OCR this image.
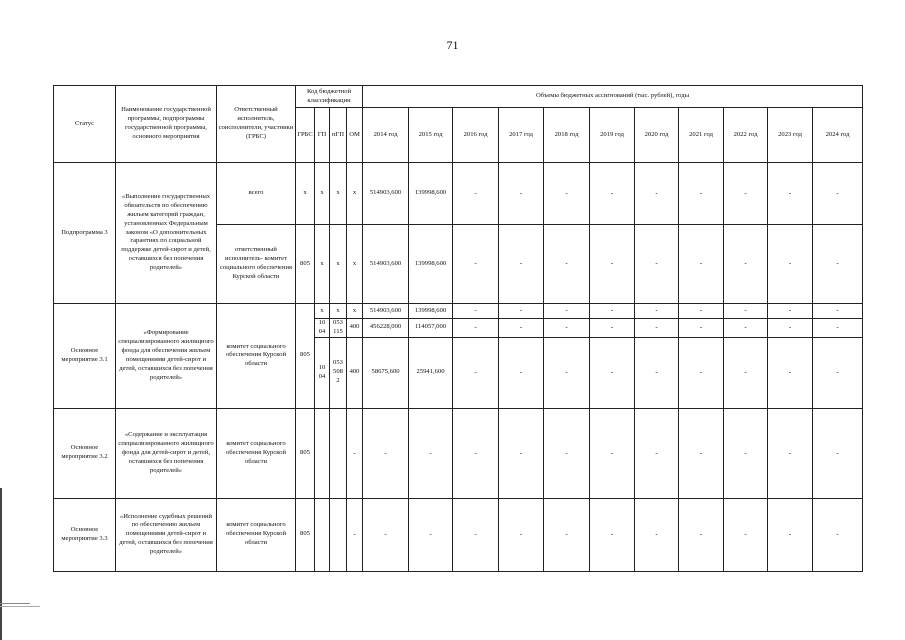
71
Статус	Наименование государственной программы, подпрограммы государственной программы, основного мероприятия	Ответственный исполнитель, соисполнители, участники (ГРБС)	Код бюджетной классификации				Объемы бюджетных ассигнований (тыс. рублей), годы										
			ГРБС	ГП	пГП	ОМ	2014 год	2015 год	2016 год	2017 год	2018 год	2019 год	2020 год	2021 год	2022 год	2023 год	2024 год
Подпрограмма 3	«Выполнение государственных обязательств по обеспечению жильем категорий граждан, установленных Федеральным законом «О дополнительных гарантиях по социальной поддержке детей-сирот и детей, оставшихся без попечения родителей»	всего	x	x	x	x	514903,600	139998,600	-	-	-	-	-	-	-	-	-
		ответственный исполнитель- комитет социального обеспечения Курской области	805	x	x	x	514903,600	139998,600	-	-	-	-	-	-	-	-	-
Основное мероприятие 3.1	«Формирование специализированного жилищного фонда для обеспечения жильем помещениями детей-сирот и детей, оставшихся без попечения родителей»	комитет социального обеспечения Курской области	805	x	x	x	514903,600	139998,600	-	-	-	-	-	-	-	-	-
				10 04	053 115	400	456228,000	114057,000	-	-	-	-	-	-	-	-	-
				10 04	053 508 2	400	58675,600	25941,600	-	-	-	-	-	-	-	-	-
Основное мероприятие 3.2	«Содержание и эксплуатация специализированного жилищного фонда для детей-сирот и детей, оставшихся без попечения родителей»	комитет социального обеспечения Курской области	805			-	-	-	-	-	-	-	-	-	-	-	-
Основное мероприятие 3.3	«Исполнение судебных решений по обеспечению жильем помещениями детей-сирот и детей, оставшихся без попечения родителей»	комитет социального обеспечения Курской области	805			-	-	-	-	-	-	-	-	-	-	-	-
